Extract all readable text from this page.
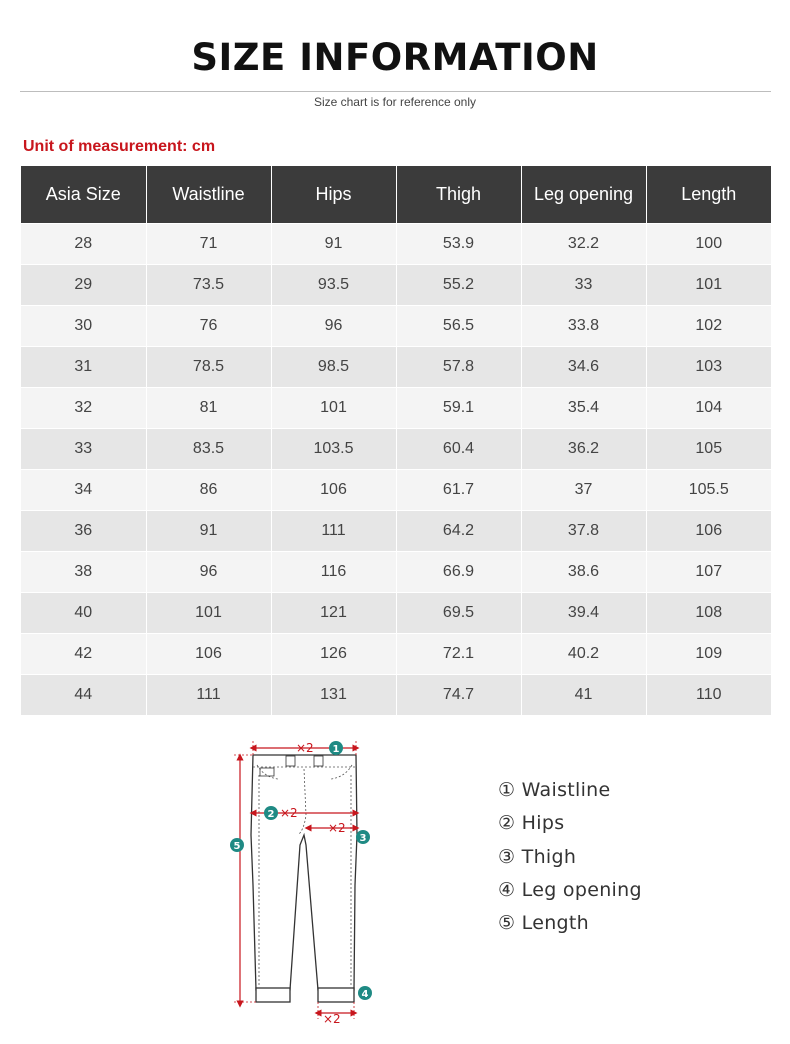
SIZE INFORMATION
Size chart is for reference only
Unit of measurement: cm
Asia Size	Waistline	Hips	Thigh	Leg opening	Length
28	71	91	53.9	32.2	100
29	73.5	93.5	55.2	33	101
30	76	96	56.5	33.8	102
31	78.5	98.5	57.8	34.6	103
32	81	101	59.1	35.4	104
33	83.5	103.5	60.4	36.2	105
34	86	106	61.7	37	105.5
36	91	111	64.2	37.8	106
38	96	116	66.9	38.6	107
40	101	121	69.5	39.4	108
42	106	126	72.1	40.2	109
44	111	131	74.7	41	110
×2
×2
×2
×2
1
2
3
4
5
① Waistline
② Hips
③ Thigh
④ Leg opening
⑤ Length
